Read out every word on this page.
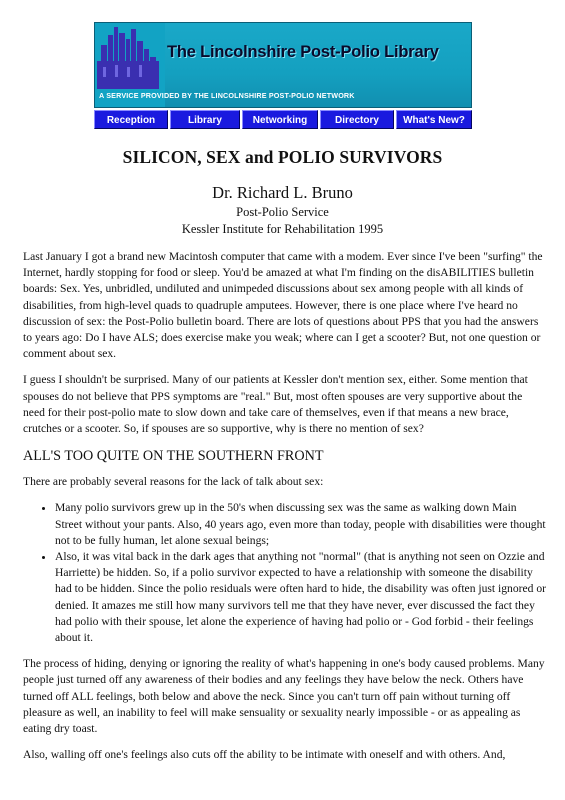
The Lincolnshire Post-Polio Library
A SERVICE PROVIDED BY THE LINCOLNSHIRE POST-POLIO NETWORK
Reception	Library	Networking	Directory	What's New?
SILICON, SEX and POLIO SURVIVORS
Dr. Richard L. Bruno
Post-Polio Service
Kessler Institute for Rehabilitation 1995

Last January I got a brand new Macintosh computer that came with a modem. Ever since I've been "surfing" the Internet, hardly stopping for food or sleep. You'd be amazed at what I'm finding on the disABILITIES bulletin boards: Sex. Yes, unbridled, undiluted and unimpeded discussions about sex among people with all kinds of disabilities, from high-level quads to quadruple amputees. However, there is one place where I've heard no discussion of sex: the Post-Polio bulletin board. There are lots of questions about PPS that you had the answers to years ago: Do I have ALS; does exercise make you weak; where can I get a scooter? But, not one question or comment about sex.

I guess I shouldn't be surprised. Many of our patients at Kessler don't mention sex, either. Some mention that spouses do not believe that PPS symptoms are "real." But, most often spouses are very supportive about the need for their post-polio mate to slow down and take care of themselves, even if that means a new brace, crutches or a scooter. So, if spouses are so supportive, why is there no mention of sex?

ALL'S TOO QUITE ON THE SOUTHERN FRONT

There are probably several reasons for the lack of talk about sex:

• Many polio survivors grew up in the 50's when discussing sex was the same as walking down Main Street without your pants. Also, 40 years ago, even more than today, people with disabilities were thought not to be fully human, let alone sexual beings;
• Also, it was vital back in the dark ages that anything not "normal" (that is anything not seen on Ozzie and Harriette) be hidden. So, if a polio survivor expected to have a relationship with someone the disability had to be hidden. Since the polio residuals were often hard to hide, the disability was often just ignored or denied. It amazes me still how many survivors tell me that they have never, ever discussed the fact they had polio with their spouse, let alone the experience of having had polio or - God forbid - their feelings about it.

The process of hiding, denying or ignoring the reality of what's happening in one's body caused problems. Many people just turned off any awareness of their bodies and any feelings they have below the neck. Others have turned off ALL feelings, both below and above the neck. Since you can't turn off pain without turning off pleasure as well, an inability to feel will make sensuality or sexuality nearly impossible - or as appealing as eating dry toast.

Also, walling off one's feelings also cuts off the ability to be intimate with oneself and with others. And,
